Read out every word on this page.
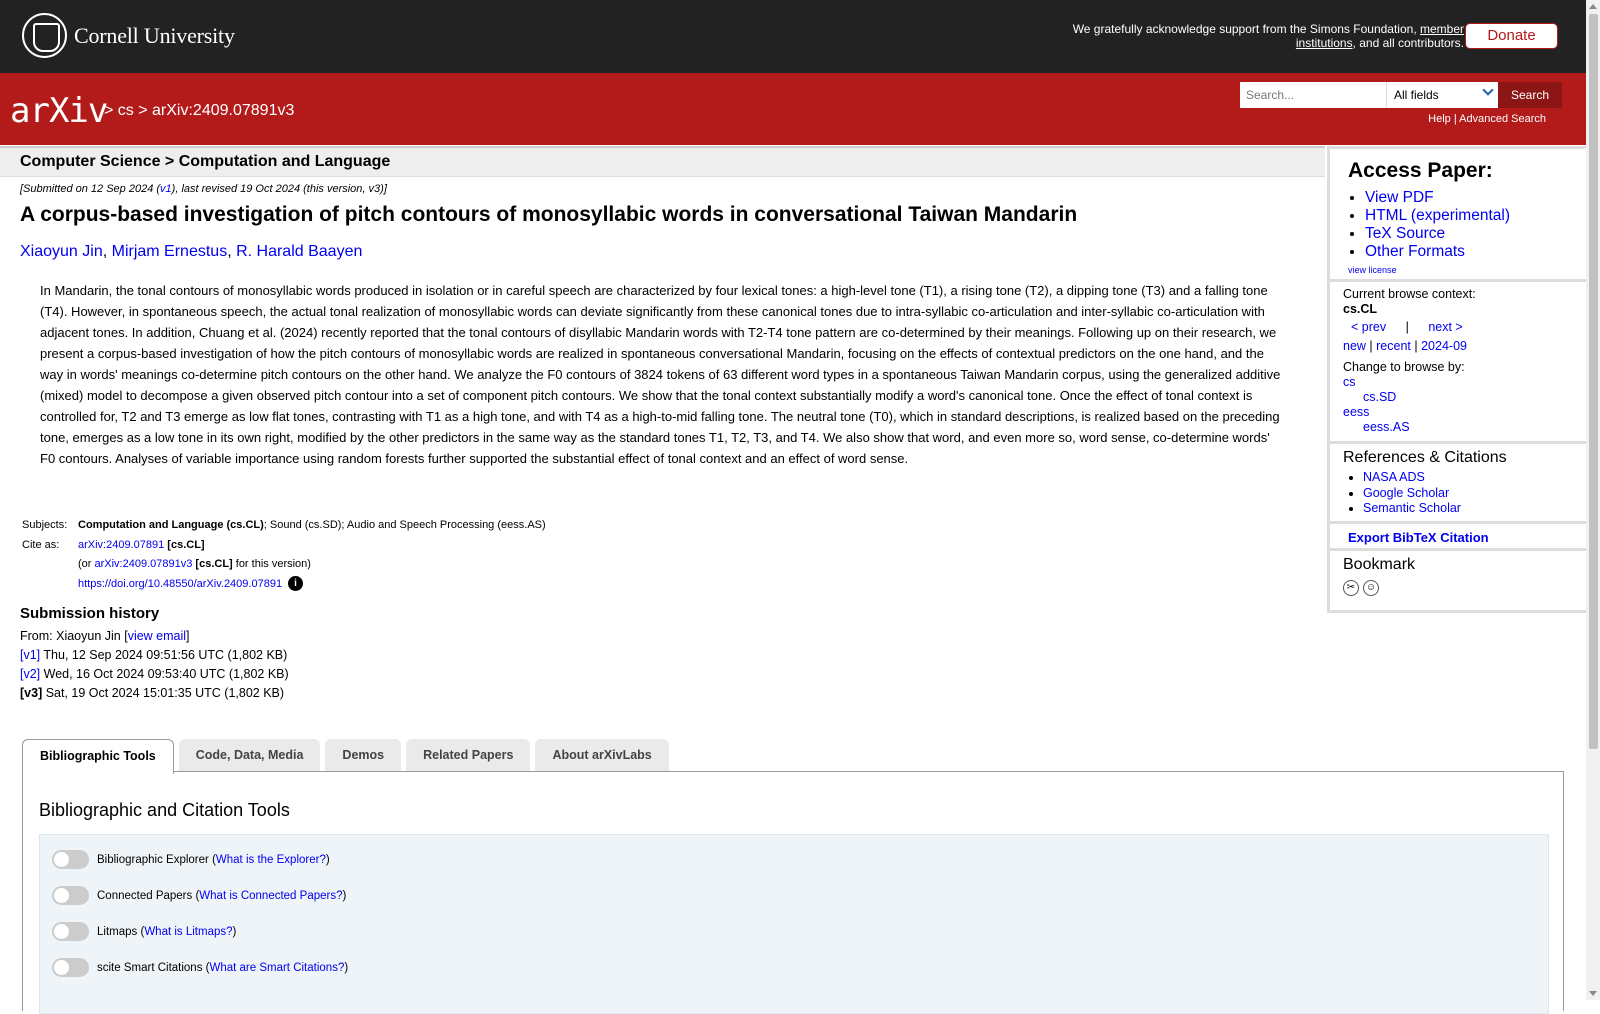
Cornell University	We gratefully acknowledge support from the Simons Foundation, member institutions, and all contributors.	Donate
arXiv
> cs > arXiv:2409.07891v3
Search...	All fields	Search
Help | Advanced Search
Computer Science > Computation and Language
[Submitted on 12 Sep 2024 (v1), last revised 19 Oct 2024 (this version, v3)]
A corpus-based investigation of pitch contours of monosyllabic words in conversational Taiwan Mandarin
Xiaoyun Jin, Mirjam Ernestus, R. Harald Baayen
In Mandarin, the tonal contours of monosyllabic words produced in isolation or in careful speech are characterized by four lexical tones: a high-level tone (T1), a rising tone (T2), a dipping tone (T3) and a falling tone (T4). However, in spontaneous speech, the actual tonal realization of monosyllabic words can deviate significantly from these canonical tones due to intra-syllabic co-articulation and inter-syllabic co-articulation with adjacent tones. In addition, Chuang et al. (2024) recently reported that the tonal contours of disyllabic Mandarin words with T2-T4 tone pattern are co-determined by their meanings. Following up on their research, we present a corpus-based investigation of how the pitch contours of monosyllabic words are realized in spontaneous conversational Mandarin, focusing on the effects of contextual predictors on the one hand, and the way in words' meanings co-determine pitch contours on the other hand. We analyze the F0 contours of 3824 tokens of 63 different word types in a spontaneous Taiwan Mandarin corpus, using the generalized additive (mixed) model to decompose a given observed pitch contour into a set of component pitch contours. We show that the tonal context substantially modify a word's canonical tone. Once the effect of tonal context is controlled for, T2 and T3 emerge as low flat tones, contrasting with T1 as a high tone, and with T4 as a high-to-mid falling tone. The neutral tone (T0), which in standard descriptions, is realized based on the preceding tone, emerges as a low tone in its own right, modified by the other predictors in the same way as the standard tones T1, T2, T3, and T4. We also show that word, and even more so, word sense, co-determine words' F0 contours. Analyses of variable importance using random forests further supported the substantial effect of tonal context and an effect of word sense.
Subjects: Computation and Language (cs.CL); Sound (cs.SD); Audio and Speech Processing (eess.AS)
Cite as:	arXiv:2409.07891 [cs.CL]
(or arXiv:2409.07891v3 [cs.CL] for this version)
https://doi.org/10.48550/arXiv.2409.07891 i
Submission history
From: Xiaoyun Jin [view email]
[v1] Thu, 12 Sep 2024 09:51:56 UTC (1,802 KB)
[v2] Wed, 16 Oct 2024 09:53:40 UTC (1,802 KB)
[v3] Sat, 19 Oct 2024 15:01:35 UTC (1,802 KB)
Access Paper:
• View PDF
• HTML (experimental)
• TeX Source
• Other Formats
view license
Current browse context:
cs.CL
< prev | next >
new | recent | 2024-09
Change to browse by:
cs
cs.SD
eess
eess.AS
References & Citations
• NASA ADS
• Google Scholar
• Semantic Scholar
Export BibTeX Citation
Bookmark
✂	☺
Bibliographic Tools	Code, Data, Media	Demos	Related Papers	About arXivLabs
Bibliographic and Citation Tools
Bibliographic Explorer ( What is the Explorer? )
Connected Papers ( What is Connected Papers? )
Litmaps ( What is Litmaps? )
scite Smart Citations ( What are Smart Citations? )
